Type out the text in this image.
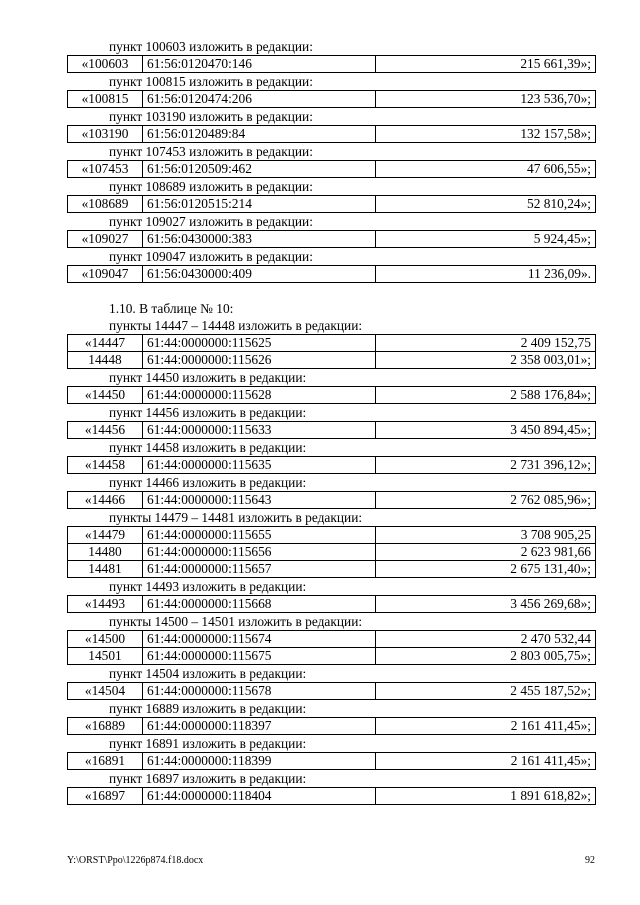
пункт 100603 изложить в редакции:
«100603	61:56:0120470:146	215 661,39»;
пункт 100815 изложить в редакции:
«100815	61:56:0120474:206	123 536,70»;
пункт 103190 изложить в редакции:
«103190	61:56:0120489:84	132 157,58»;
пункт 107453 изложить в редакции:
«107453	61:56:0120509:462	47 606,55»;
пункт 108689 изложить в редакции:
«108689	61:56:0120515:214	52 810,24»;
пункт 109027 изложить в редакции:
«109027	61:56:0430000:383	5 924,45»;
пункт 109047 изложить в редакции:
«109047	61:56:0430000:409	11 236,09».
1.10. В таблице № 10:
пункты 14447 – 14448 изложить в редакции:
«14447	61:44:0000000:115625	2 409 152,75
14448	61:44:0000000:115626	2 358 003,01»;
пункт 14450 изложить в редакции:
«14450	61:44:0000000:115628	2 588 176,84»;
пункт 14456 изложить в редакции:
«14456	61:44:0000000:115633	3 450 894,45»;
пункт 14458 изложить в редакции:
«14458	61:44:0000000:115635	2 731 396,12»;
пункт 14466 изложить в редакции:
«14466	61:44:0000000:115643	2 762 085,96»;
пункты 14479 – 14481 изложить в редакции:
«14479	61:44:0000000:115655	3 708 905,25
14480	61:44:0000000:115656	2 623 981,66
14481	61:44:0000000:115657	2 675 131,40»;
пункт 14493 изложить в редакции:
«14493	61:44:0000000:115668	3 456 269,68»;
пункты 14500 – 14501 изложить в редакции:
«14500	61:44:0000000:115674	2 470 532,44
14501	61:44:0000000:115675	2 803 005,75»;
пункт 14504 изложить в редакции:
«14504	61:44:0000000:115678	2 455 187,52»;
пункт 16889 изложить в редакции:
«16889	61:44:0000000:118397	2 161 411,45»;
пункт 16891 изложить в редакции:
«16891	61:44:0000000:118399	2 161 411,45»;
пункт 16897 изложить в редакции:
«16897	61:44:0000000:118404	1 891 618,82»;
Y:\ORST\Ppo\1226p874.f18.docx	92
